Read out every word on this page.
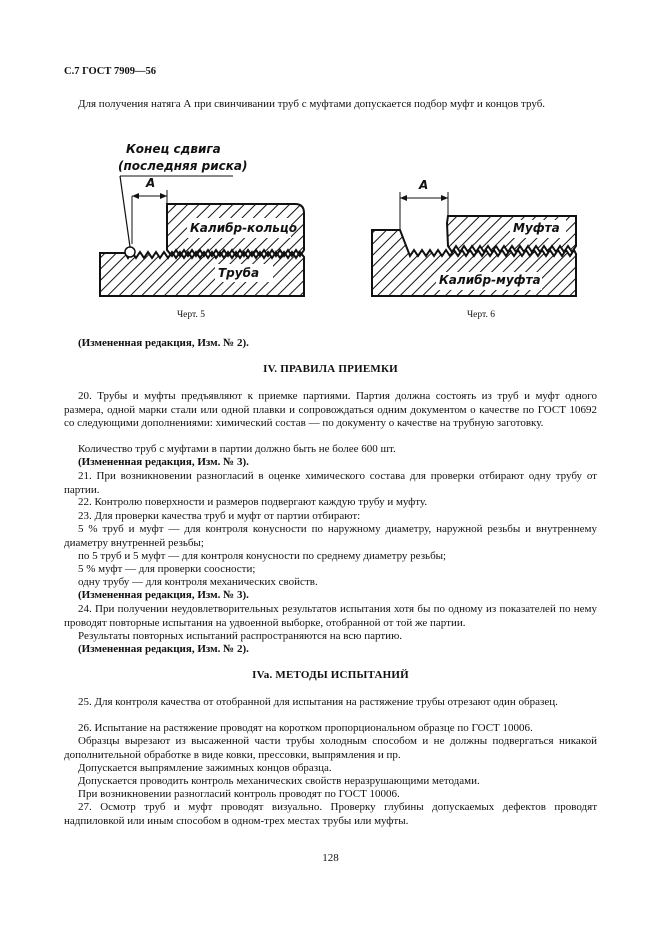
С.7 ГОСТ 7909—56

Для получения натяга А при свинчивании труб с муфтами допускается подбор муфт и концов труб.

Конец сдвига
(последняя риска)
A
Калибр-кольцо
Труба
Черт. 5
A
Муфта
Калибр-муфта
Черт. 6
(Измененная редакция, Изм. № 2).
IV. ПРАВИЛА ПРИЕМКИ
20. Трубы и муфты предъявляют к приемке партиями. Партия должна состоять из труб и муфт одного размера, одной марки стали или одной плавки и сопровождаться одним документом о качестве по ГОСТ 10692 со следующими дополнениями: химический состав — по документу о качестве на трубную заготовку.
Количество труб с муфтами в партии должно быть не более 600 шт.
(Измененная редакция, Изм. № 3).
21. При возникновении разногласий в оценке химического состава для проверки отбирают одну трубу от партии.
22. Контролю поверхности и размеров подвергают каждую трубу и муфту.
23. Для проверки качества труб и муфт от партии отбирают:
5 % труб и муфт — для контроля конусности по наружному диаметру, наружной резьбы и внутреннему диаметру внутренней резьбы;
по 5 труб и 5 муфт — для контроля конусности по среднему диаметру резьбы;
5 % муфт — для проверки соосности;
одну трубу — для контроля механических свойств.
(Измененная редакция, Изм. № 3).
24. При получении неудовлетворительных результатов испытания хотя бы по одному из показателей по нему проводят повторные испытания на удвоенной выборке, отобранной от той же партии.
Результаты повторных испытаний распространяются на всю партию.
(Измененная редакция, Изм. № 2).
IVa. МЕТОДЫ ИСПЫТАНИЙ
25. Для контроля качества от отобранной для испытания на растяжение трубы отрезают один образец.
26. Испытание на растяжение проводят на коротком пропорциональном образце по ГОСТ 10006.
Образцы вырезают из высаженной части трубы холодным способом и не должны подвергаться никакой дополнительной обработке в виде ковки, прессовки, выпрямления и пр.
Допускается выпрямление зажимных концов образца.
Допускается проводить контроль механических свойств неразрушающими методами.
При возникновении разногласий контроль проводят по ГОСТ 10006.
27. Осмотр труб и муфт проводят визуально. Проверку глубины допускаемых дефектов проводят надпиловкой или иным способом в одном-трех местах трубы или муфты.
128
